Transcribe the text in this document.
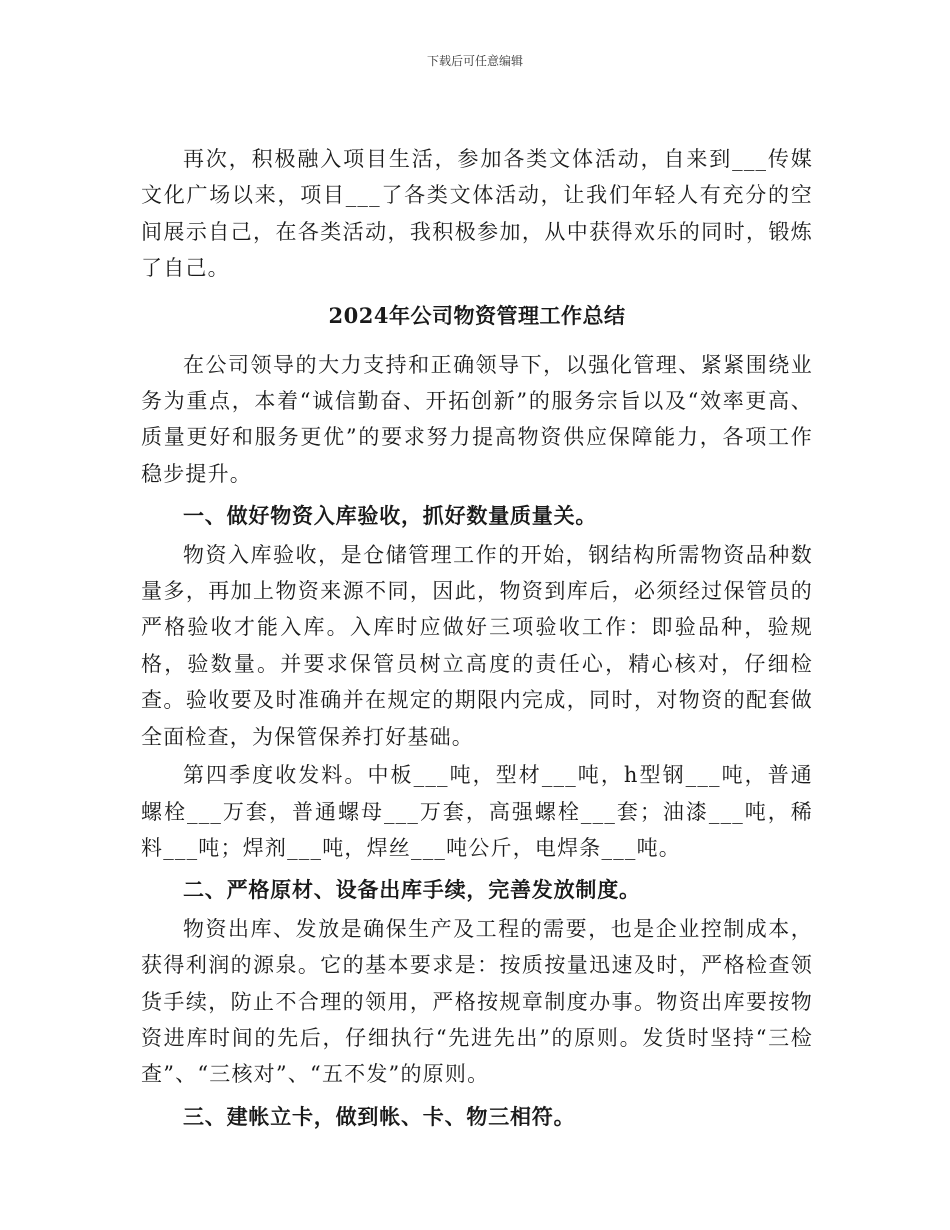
下载后可任意编辑

再次，积极融入项目生活，参加各类文体活动，自来到___传媒文化广场以来，项目___了各类文体活动，让我们年轻人有充分的空间展示自己，在各类活动，我积极参加，从中获得欢乐的同时，锻炼了自己。

2024年公司物资管理工作总结

在公司领导的大力支持和正确领导下，以强化管理、紧紧围绕业务为重点，本着“诚信勤奋、开拓创新”的服务宗旨以及“效率更高、质量更好和服务更优”的要求努力提高物资供应保障能力，各项工作稳步提升。

一、做好物资入库验收，抓好数量质量关。

物资入库验收，是仓储管理工作的开始，钢结构所需物资品种数量多，再加上物资来源不同，因此，物资到库后，必须经过保管员的严格验收才能入库。入库时应做好三项验收工作：即验品种，验规格，验数量。并要求保管员树立高度的责任心，精心核对，仔细检查。验收要及时准确并在规定的期限内完成，同时，对物资的配套做全面检查，为保管保养打好基础。

第四季度收发料。中板___吨，型材___吨，h型钢___吨，普通螺栓___万套，普通螺母___万套，高强螺栓___套；油漆___吨，稀料___吨；焊剂___吨，焊丝___吨公斤，电焊条___吨。

二、严格原材、设备出库手续，完善发放制度。

物资出库、发放是确保生产及工程的需要，也是企业控制成本，获得利润的源泉。它的基本要求是：按质按量迅速及时，严格检查领货手续，防止不合理的领用，严格按规章制度办事。物资出库要按物资进库时间的先后，仔细执行“先进先出”的原则。发货时坚持“三检查”、“三核对”、“五不发”的原则。

三、建帐立卡，做到帐、卡、物三相符。
